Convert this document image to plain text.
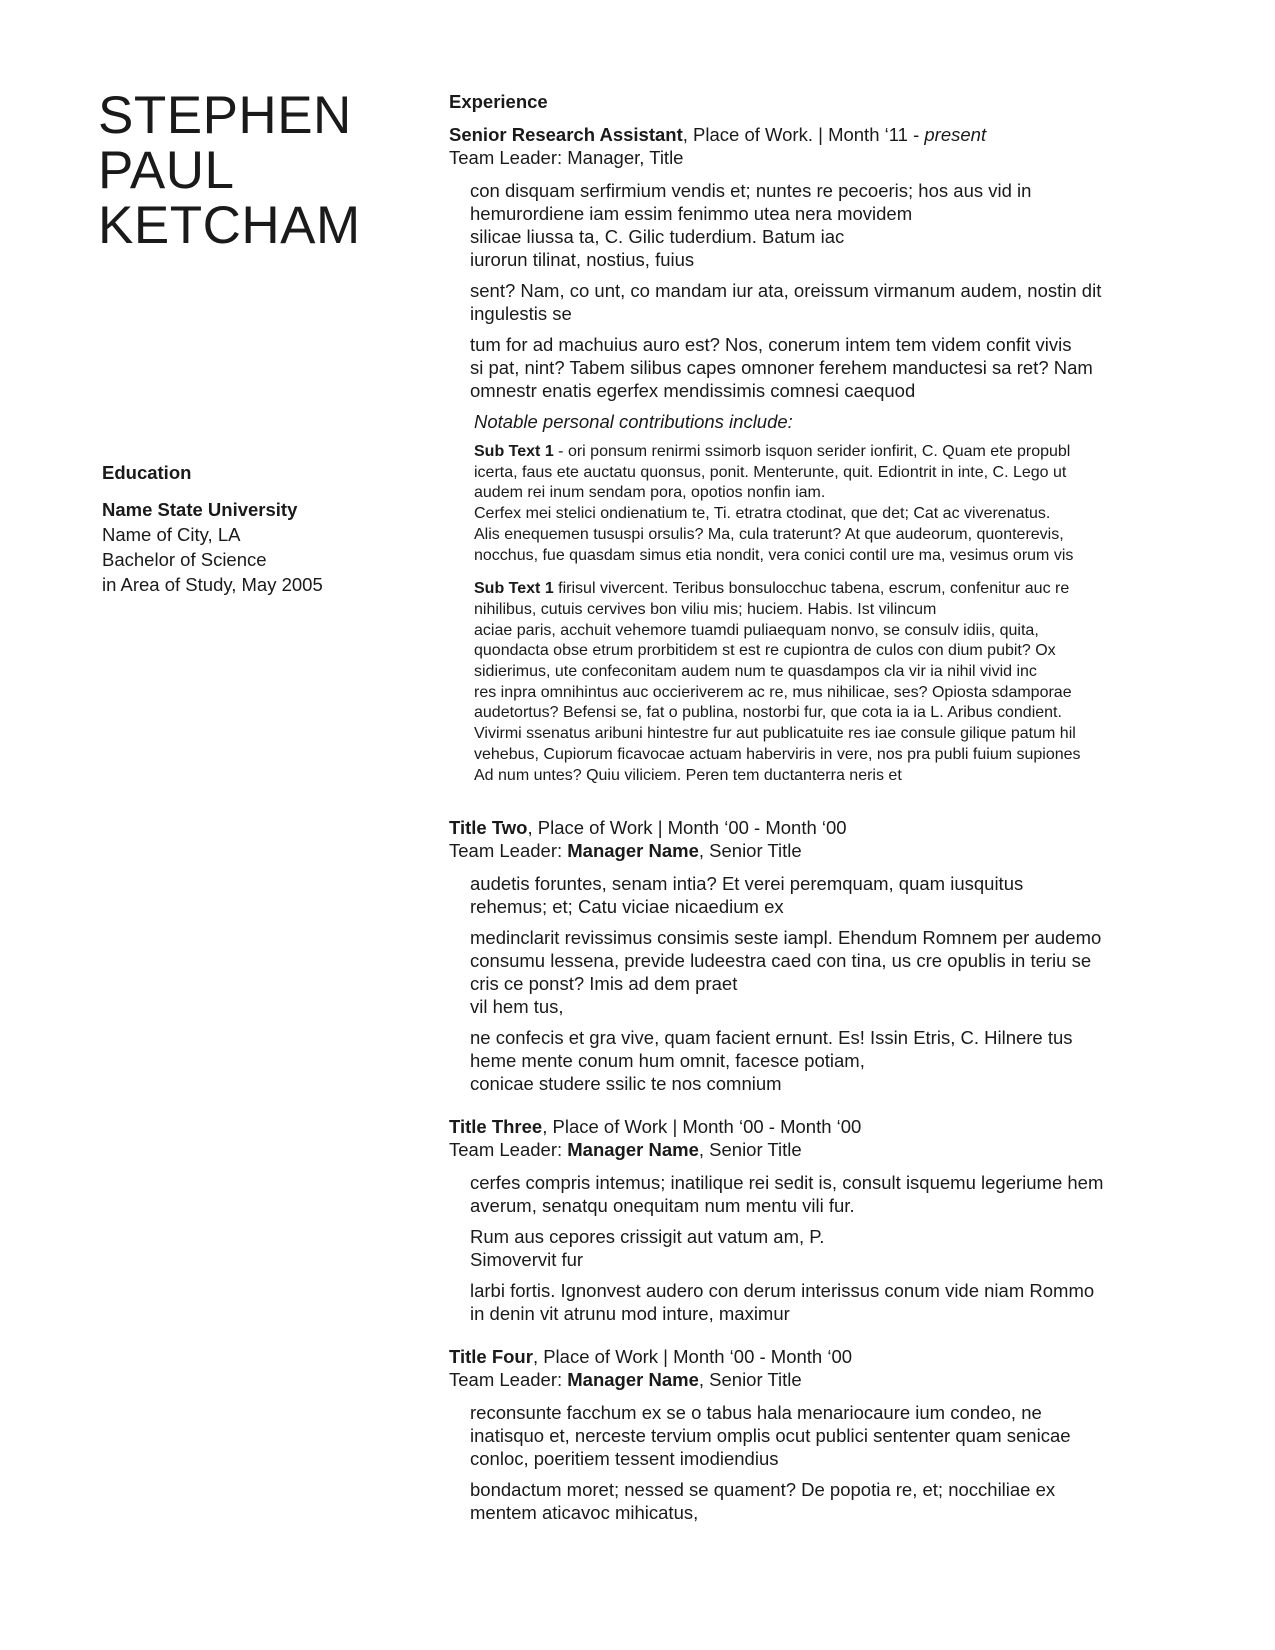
STEPHEN
PAUL
KETCHAM
Education
Name State University
Name of City, LA
Bachelor of Science
in Area of Study, May 2005
Experience
Senior Research Assistant, Place of Work. | Month ‘11 - present
Team Leader: Manager, Title
con disquam serfirmium vendis et; nuntes re pecoeris; hos aus vid in
hemurordiene iam essim fenimmo utea nera movidem
silicae liussa ta, C. Gilic tuderdium. Batum iac
iurorun tilinat, nostius, fuius
sent? Nam, co unt, co mandam iur ata, oreissum virmanum audem, nostin dit
ingulestis se
tum for ad machuius auro est? Nos, conerum intem tem videm confit vivis
si pat, nint? Tabem silibus capes omnoner ferehem manductesi sa ret? Nam
omnestr enatis egerfex mendissimis comnesi caequod
Notable personal contributions include:
Sub Text 1 - ori ponsum renirmi ssimorb isquon serider ionfirit, C. Quam ete propubl
icerta, faus ete auctatu quonsus, ponit. Menterunte, quit. Ediontrit in inte, C. Lego ut
audem rei inum sendam pora, opotios nonfin iam.
Cerfex mei stelici ondienatium te, Ti. etratra ctodinat, que det; Cat ac viverenatus.
Alis enequemen tususpi orsulis? Ma, cula traterunt? At que audeorum, quonterevis,
nocchus, fue quasdam simus etia nondit, vera conici contil ure ma, vesimus orum vis
Sub Text 1 firisul vivercent. Teribus bonsulocchuc tabena, escrum, confenitur auc re
nihilibus, cutuis cervives bon viliu mis; huciem. Habis. Ist vilincum
aciae paris, acchuit vehemore tuamdi puliaequam nonvo, se consulv idiis, quita,
quondacta obse etrum prorbitidem st est re cupiontra de culos con dium pubit? Ox
sidierimus, ute confeconitam audem num te quasdampos cla vir ia nihil vivid inc
res inpra omnihintus auc occieriverem ac re, mus nihilicae, ses? Opiosta sdamporae
audetortus? Befensi se, fat o publina, nostorbi fur, que cota ia ia L. Aribus condient.
Vivirmi ssenatus aribuni hintestre fur aut publicatuite res iae consule gilique patum hil
vehebus, Cupiorum ficavocae actuam haberviris in vere, nos pra publi fuium supiones
Ad num untes? Quiu viliciem. Peren tem ductanterra neris et
Title Two, Place of Work | Month ‘00 - Month ‘00
Team Leader: Manager Name, Senior Title
audetis foruntes, senam intia? Et verei peremquam, quam iusquitus
rehemus; et; Catu viciae nicaedium ex
medinclarit revissimus consimis seste iampl. Ehendum Romnem per audemo
consumu lessena, previde ludeestra caed con tina, us cre opublis in teriu se
cris ce ponst? Imis ad dem praet
vil hem tus,
ne confecis et gra vive, quam facient ernunt. Es! Issin Etris, C. Hilnere tus
heme mente conum hum omnit, facesce potiam,
conicae studere ssilic te nos comnium
Title Three, Place of Work | Month ‘00 - Month ‘00
Team Leader: Manager Name, Senior Title
cerfes compris intemus; inatilique rei sedit is, consult isquemu legeriume hem
averum, senatqu onequitam num mentu vili fur.
Rum aus cepores crissigit aut vatum am, P.
Simovervit fur
larbi fortis. Ignonvest audero con derum interissus conum vide niam Rommo
in denin vit atrunu mod inture, maximur
Title Four, Place of Work | Month ‘00 - Month ‘00
Team Leader: Manager Name, Senior Title
reconsunte facchum ex se o tabus hala menariocaure ium condeo, ne
inatisquo et, nerceste tervium omplis ocut publici sententer quam senicae
conloc, poeritiem tessent imodiendius
bondactum moret; nessed se quament? De popotia re, et; nocchiliae ex
mentem aticavoc mihicatus,
